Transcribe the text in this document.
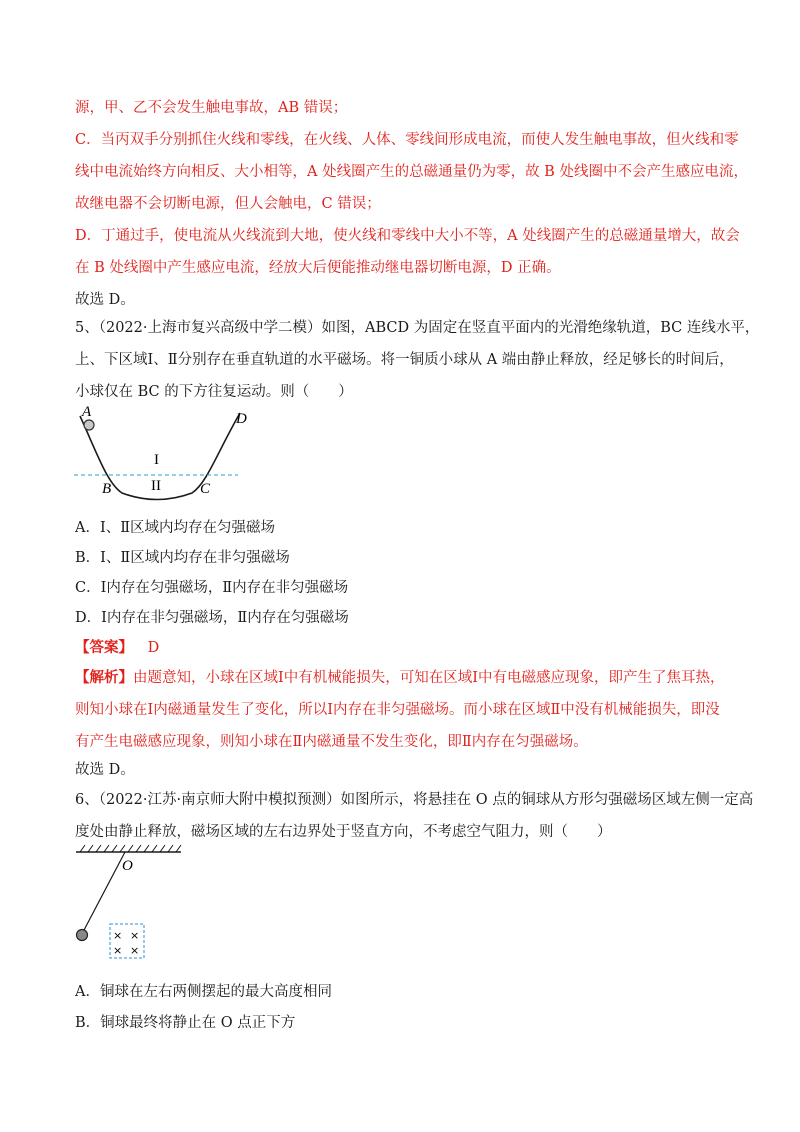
源，甲、乙不会发生触电事故，AB 错误；
C．当丙双手分别抓住火线和零线，在火线、人体、零线间形成电流，而使人发生触电事故，但火线和零
线中电流始终方向相反、大小相等，A 处线圈产生的总磁通量仍为零，故 B 处线圈中不会产生感应电流，
故继电器不会切断电源，但人会触电，C 错误；
D．丁通过手，使电流从火线流到大地，使火线和零线中大小不等，A 处线圈产生的总磁通量增大，故会
在 B 处线圈中产生感应电流，经放大后便能推动继电器切断电源，D 正确。
故选 D。
5、（2022·上海市复兴高级中学二模）如图，ABCD 为固定在竖直平面内的光滑绝缘轨道，BC 连线水平，
上、下区域Ⅰ、Ⅱ分别存在垂直轨道的水平磁场。将一铜质小球从 A 端由静止释放，经足够长的时间后，
小球仅在 BC 的下方往复运动。则（　　）
A	D
B	C
I
II
A．Ⅰ、Ⅱ区域内均存在匀强磁场
B．Ⅰ、Ⅱ区域内均存在非匀强磁场
C．Ⅰ内存在匀强磁场，Ⅱ内存在非匀强磁场
D．Ⅰ内存在非匀强磁场，Ⅱ内存在匀强磁场
【答案】 D
【解析】由题意知，小球在区域Ⅰ中有机械能损失，可知在区域Ⅰ中有电磁感应现象，即产生了焦耳热，
则知小球在Ⅰ内磁通量发生了变化，所以Ⅰ内存在非匀强磁场。而小球在区域Ⅱ中没有机械能损失，即没
有产生电磁感应现象，则知小球在Ⅱ内磁通量不发生变化，即Ⅱ内存在匀强磁场。
故选 D。
6、（2022·江苏·南京师大附中模拟预测）如图所示，将悬挂在 O 点的铜球从方形匀强磁场区域左侧一定高
度处由静止释放，磁场区域的左右边界处于竖直方向，不考虑空气阻力，则（　　）
O
× ×
× ×
A．铜球在左右两侧摆起的最大高度相同
B．铜球最终将静止在 O 点正下方
